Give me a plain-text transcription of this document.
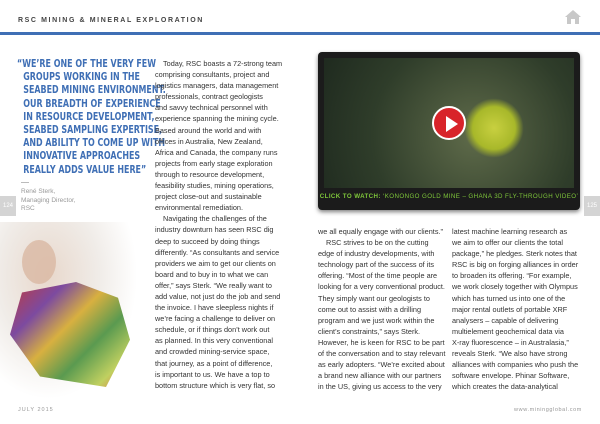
RSC MINING & MINERAL EXPLORATION
“WE’RE ONE OF THE VERY FEW
GROUPS WORKING IN THE
SEABED MINING ENVIRONMENT.
OUR BREADTH OF EXPERIENCE
IN RESOURCE DEVELOPMENT,
SEABED SAMPLING EXPERTISE,
AND ABILITY TO COME UP WITH
INNOVATIVE APPROACHES
REALLY ADDS VALUE HERE”
René Sterk,
Managing Director,
RSC
124	125
CLICK TO WATCH: ‘KONONGO GOLD MINE – GHANA 3D FLY-THROUGH VIDEO’
Today, RSC boasts a 72-strong team
comprising consultants, project and
logistics managers, data management
professionals, contract geologists
and savvy technical personnel with
experience spanning the mining cycle.
Based around the world and with
offices in Australia, New Zealand,
Africa and Canada, the company runs
projects from early stage exploration
through to resource development,
feasibility studies, mining operations,
project close-out and sustainable
environmental remediation.
Navigating the challenges of the
industry downturn has seen RSC dig
deep to succeed by doing things
differently. “As consultants and service
providers we aim to get our clients on
board and to buy in to what we can
offer,” says Sterk. “We really want to
add value, not just do the job and send
the invoice. I have sleepless nights if
we’re facing a challenge to deliver on
schedule, or if things don’t work out
as planned. In this very conventional
and crowded mining-service space,
that journey, as a point of difference,
is important to us. We have a top to
bottom structure which is very flat, so
we all equally engage with our clients.”
RSC strives to be on the cutting
edge of industry developments, with
technology part of the success of its
offering. “Most of the time people are
looking for a very conventional product.
They simply want our geologists to
come out to assist with a drilling
program and we just work within the
client’s constraints,” says Sterk.
However, he is keen for RSC to be part
of the conversation and to stay relevant
as early adopters. “We’re excited about
a brand new alliance with our partners
in the US, giving us access to the very
latest machine learning research as
we aim to offer our clients the total
package,” he pledges. Sterk notes that
RSC is big on forging alliances in order
to broaden its offering. “For example,
we work closely together with Olympus
which has turned us into one of the
major rental outlets of portable XRF
analysers – capable of delivering
multielement geochemical data via
X-ray fluorescence – in Australasia,”
reveals Sterk. “We also have strong
alliances with companies who push the
software envelope. Phinar Software,
which creates the data-analytical
JULY 2015	www.miningglobal.com
